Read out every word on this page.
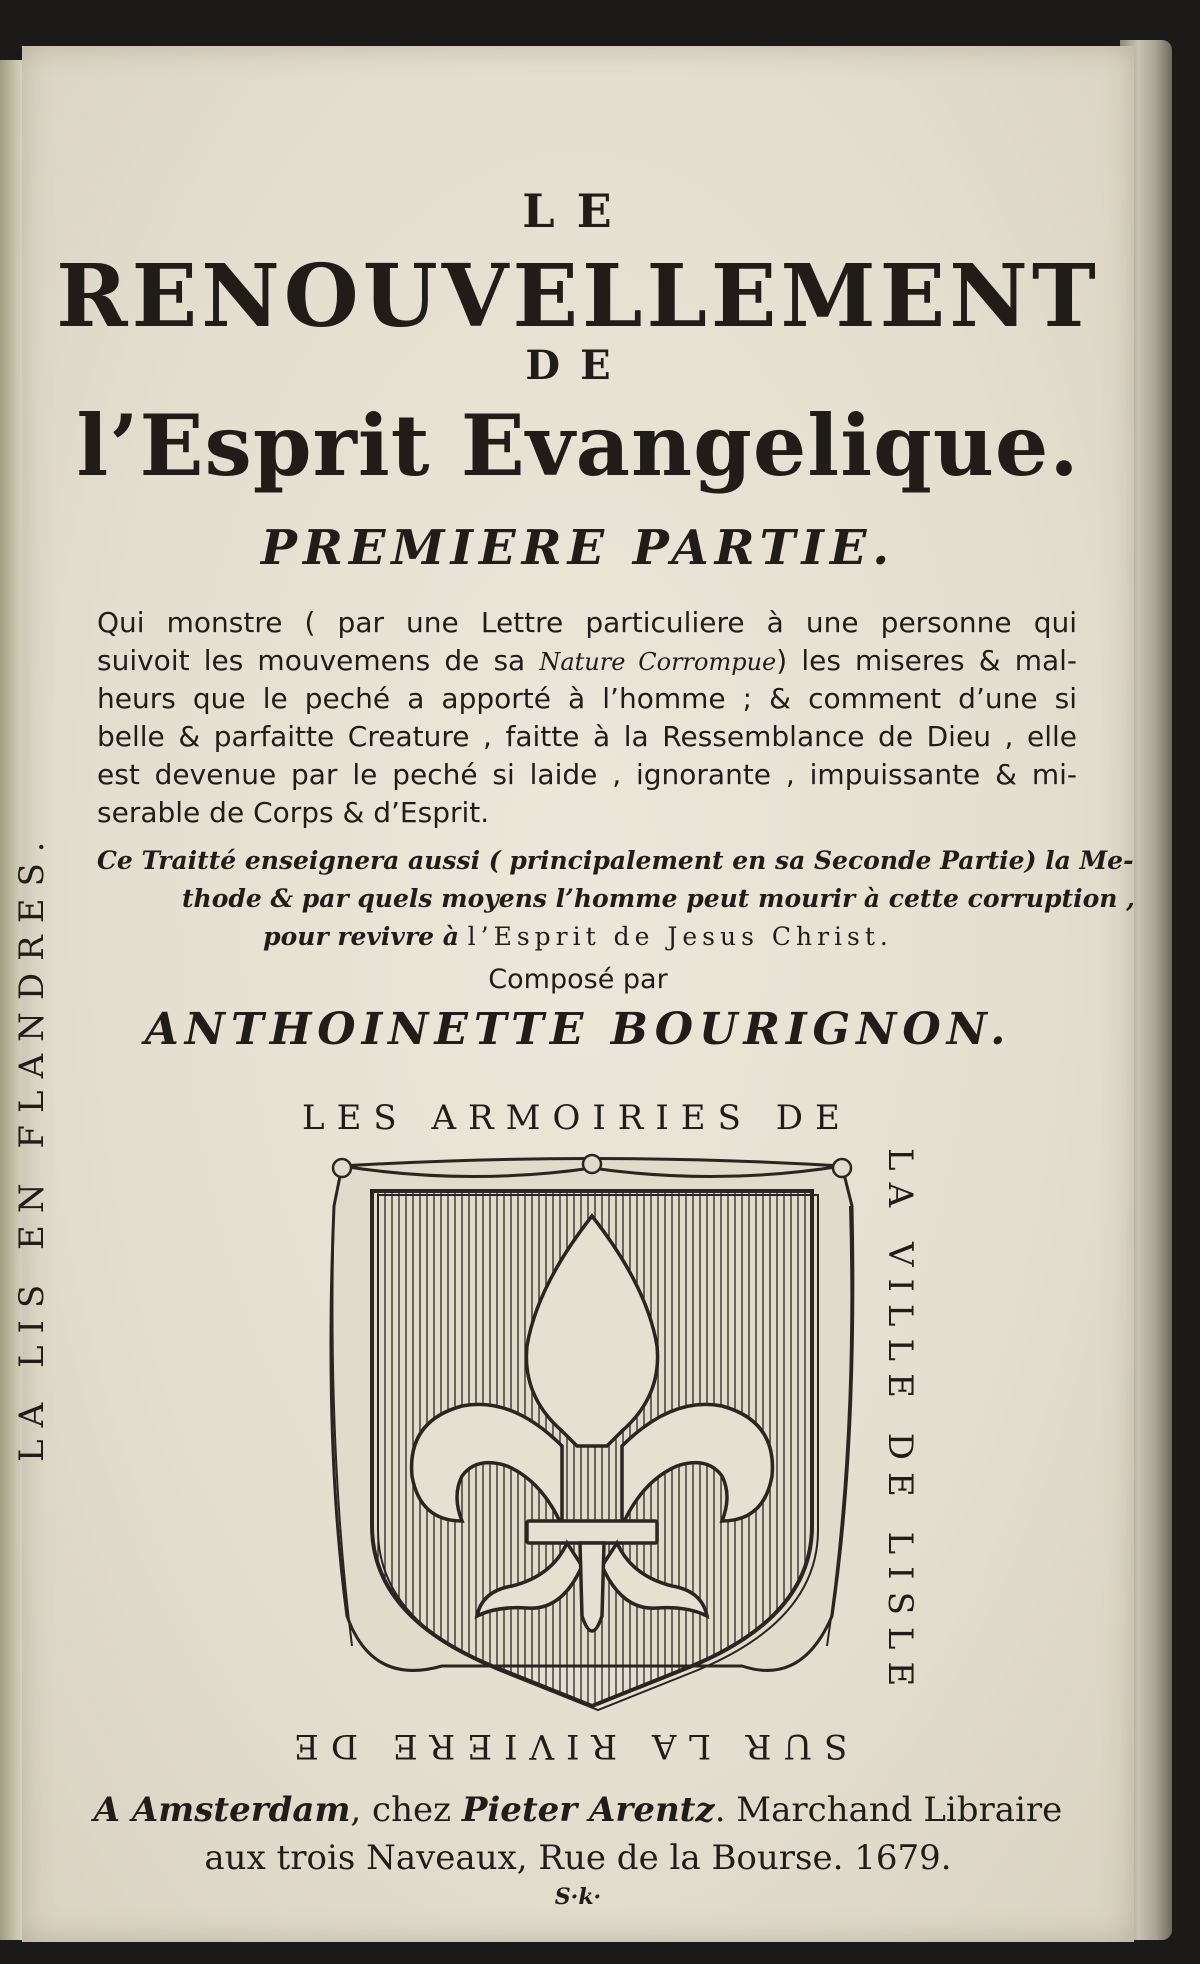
LE
RENOUVELLEMENT
DE
l’Esprit Evangelique.
PREMIERE PARTIE.
Qui monstre ( par une Lettre particuliere à une personne qui
suivoit les mouvemens de sa Nature Corrompue) les miseres & mal-
heurs que le peché a apporté à l’homme ; & comment d’une si
belle & parfaitte Creature , faitte à la Ressemblance de Dieu , elle
est devenue par le peché si laide , ignorante , impuissante & mi-
serable de Corps & d’Esprit.
Ce Traitté enseignera aussi ( principalement en sa Seconde Partie) la Me-
thode & par quels moyens l’homme peut mourir à cette corruption ,
pour revivre à l’Esprit de Jesus Christ.
Composé par
ANTHOINETTE BOURIGNON.
LES ARMOIRIES DE
LA LIS EN FLANDRES.	LA VILLE DE LISLE
SUR LA RIVIERE DE
A Amsterdam, chez Pieter Arentz. Marchand Libraire
aux trois Naveaux, Rue de la Bourse. 1679.
S·k·
